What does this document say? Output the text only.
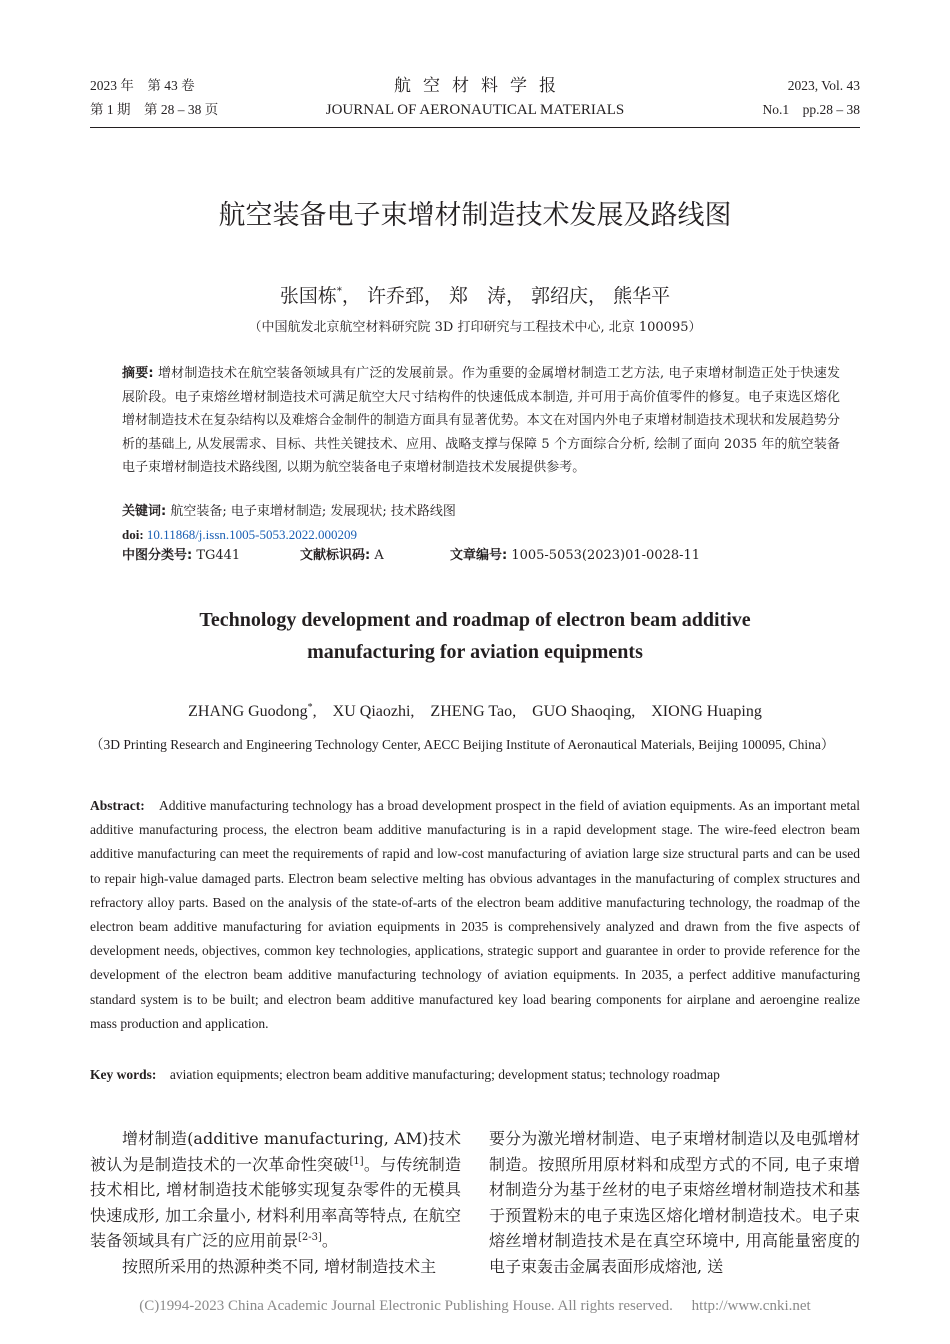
2023 年　第 43 卷
第 1 期　第 28 – 38 页
航空材料学报
JOURNAL OF AERONAUTICAL MATERIALS
2023, Vol. 43
No.1　pp.28 – 38
航空装备电子束增材制造技术发展及路线图
张国栋*， 许乔郅， 郑　涛， 郭绍庆， 熊华平
（中国航发北京航空材料研究院 3D 打印研究与工程技术中心, 北京 100095）
摘要: 增材制造技术在航空装备领域具有广泛的发展前景。作为重要的金属增材制造工艺方法, 电子束增材制造正处于快速发展阶段。电子束熔丝增材制造技术可满足航空大尺寸结构件的快速低成本制造, 并可用于高价值零件的修复。电子束选区熔化增材制造技术在复杂结构以及难熔合金制件的制造方面具有显著优势。本文在对国内外电子束增材制造技术现状和发展趋势分析的基础上, 从发展需求、目标、共性关键技术、应用、战略支撑与保障 5 个方面综合分析, 绘制了面向 2035 年的航空装备电子束增材制造技术路线图, 以期为航空装备电子束增材制造技术发展提供参考。
关键词: 航空装备; 电子束增材制造; 发展现状; 技术路线图
doi: 10.11868/j.issn.1005-5053.2022.000209
中图分类号: TG441	文献标识码: A	文章编号: 1005-5053(2023)01-0028-11
Technology development and roadmap of electron beam additive
manufacturing for aviation equipments
ZHANG Guodong*,　XU Qiaozhi,　ZHENG Tao,　GUO Shaoqing,　XIONG Huaping
（3D Printing Research and Engineering Technology Center, AECC Beijing Institute of Aeronautical Materials, Beijing 100095, China）
Abstract:　Additive manufacturing technology has a broad development prospect in the field of aviation equipments. As an important metal additive manufacturing process, the electron beam additive manufacturing is in a rapid development stage. The wire-feed electron beam additive manufacturing can meet the requirements of rapid and low-cost manufacturing of aviation large size structural parts and can be used to repair high-value damaged parts. Electron beam selective melting has obvious advantages in the manufacturing of complex structures and refractory alloy parts. Based on the analysis of the state-of-arts of the electron beam additive manufacturing technology, the roadmap of the electron beam additive manufacturing for aviation equipments in 2035 is comprehensively analyzed and drawn from the five aspects of development needs, objectives, common key technologies, applications, strategic support and guarantee in order to provide reference for the development of the electron beam additive manufacturing technology of aviation equipments. In 2035, a perfect additive manufacturing standard system is to be built; and electron beam additive manufactured key load bearing components for airplane and aeroengine realize mass production and application.
Key words:　aviation equipments; electron beam additive manufacturing; development status; technology roadmap

增材制造(additive manufacturing, AM)技术被认为是制造技术的一次革命性突破[1]。与传统制造技术相比, 增材制造技术能够实现复杂零件的无模具快速成形, 加工余量小, 材料利用率高等特点, 在航空装备领域具有广泛的应用前景[2-3]。

按照所采用的热源种类不同, 增材制造技术主

要分为激光增材制造、电子束增材制造以及电弧增材制造。按照所用原材料和成型方式的不同, 电子束增材制造分为基于丝材的电子束熔丝增材制造技术和基于预置粉末的电子束选区熔化增材制造技术。电子束熔丝增材制造技术是在真空环境中, 用高能量密度的电子束轰击金属表面形成熔池, 送

(C)1994-2023 China Academic Journal Electronic Publishing House. All rights reserved.　 http://www.cnki.net
